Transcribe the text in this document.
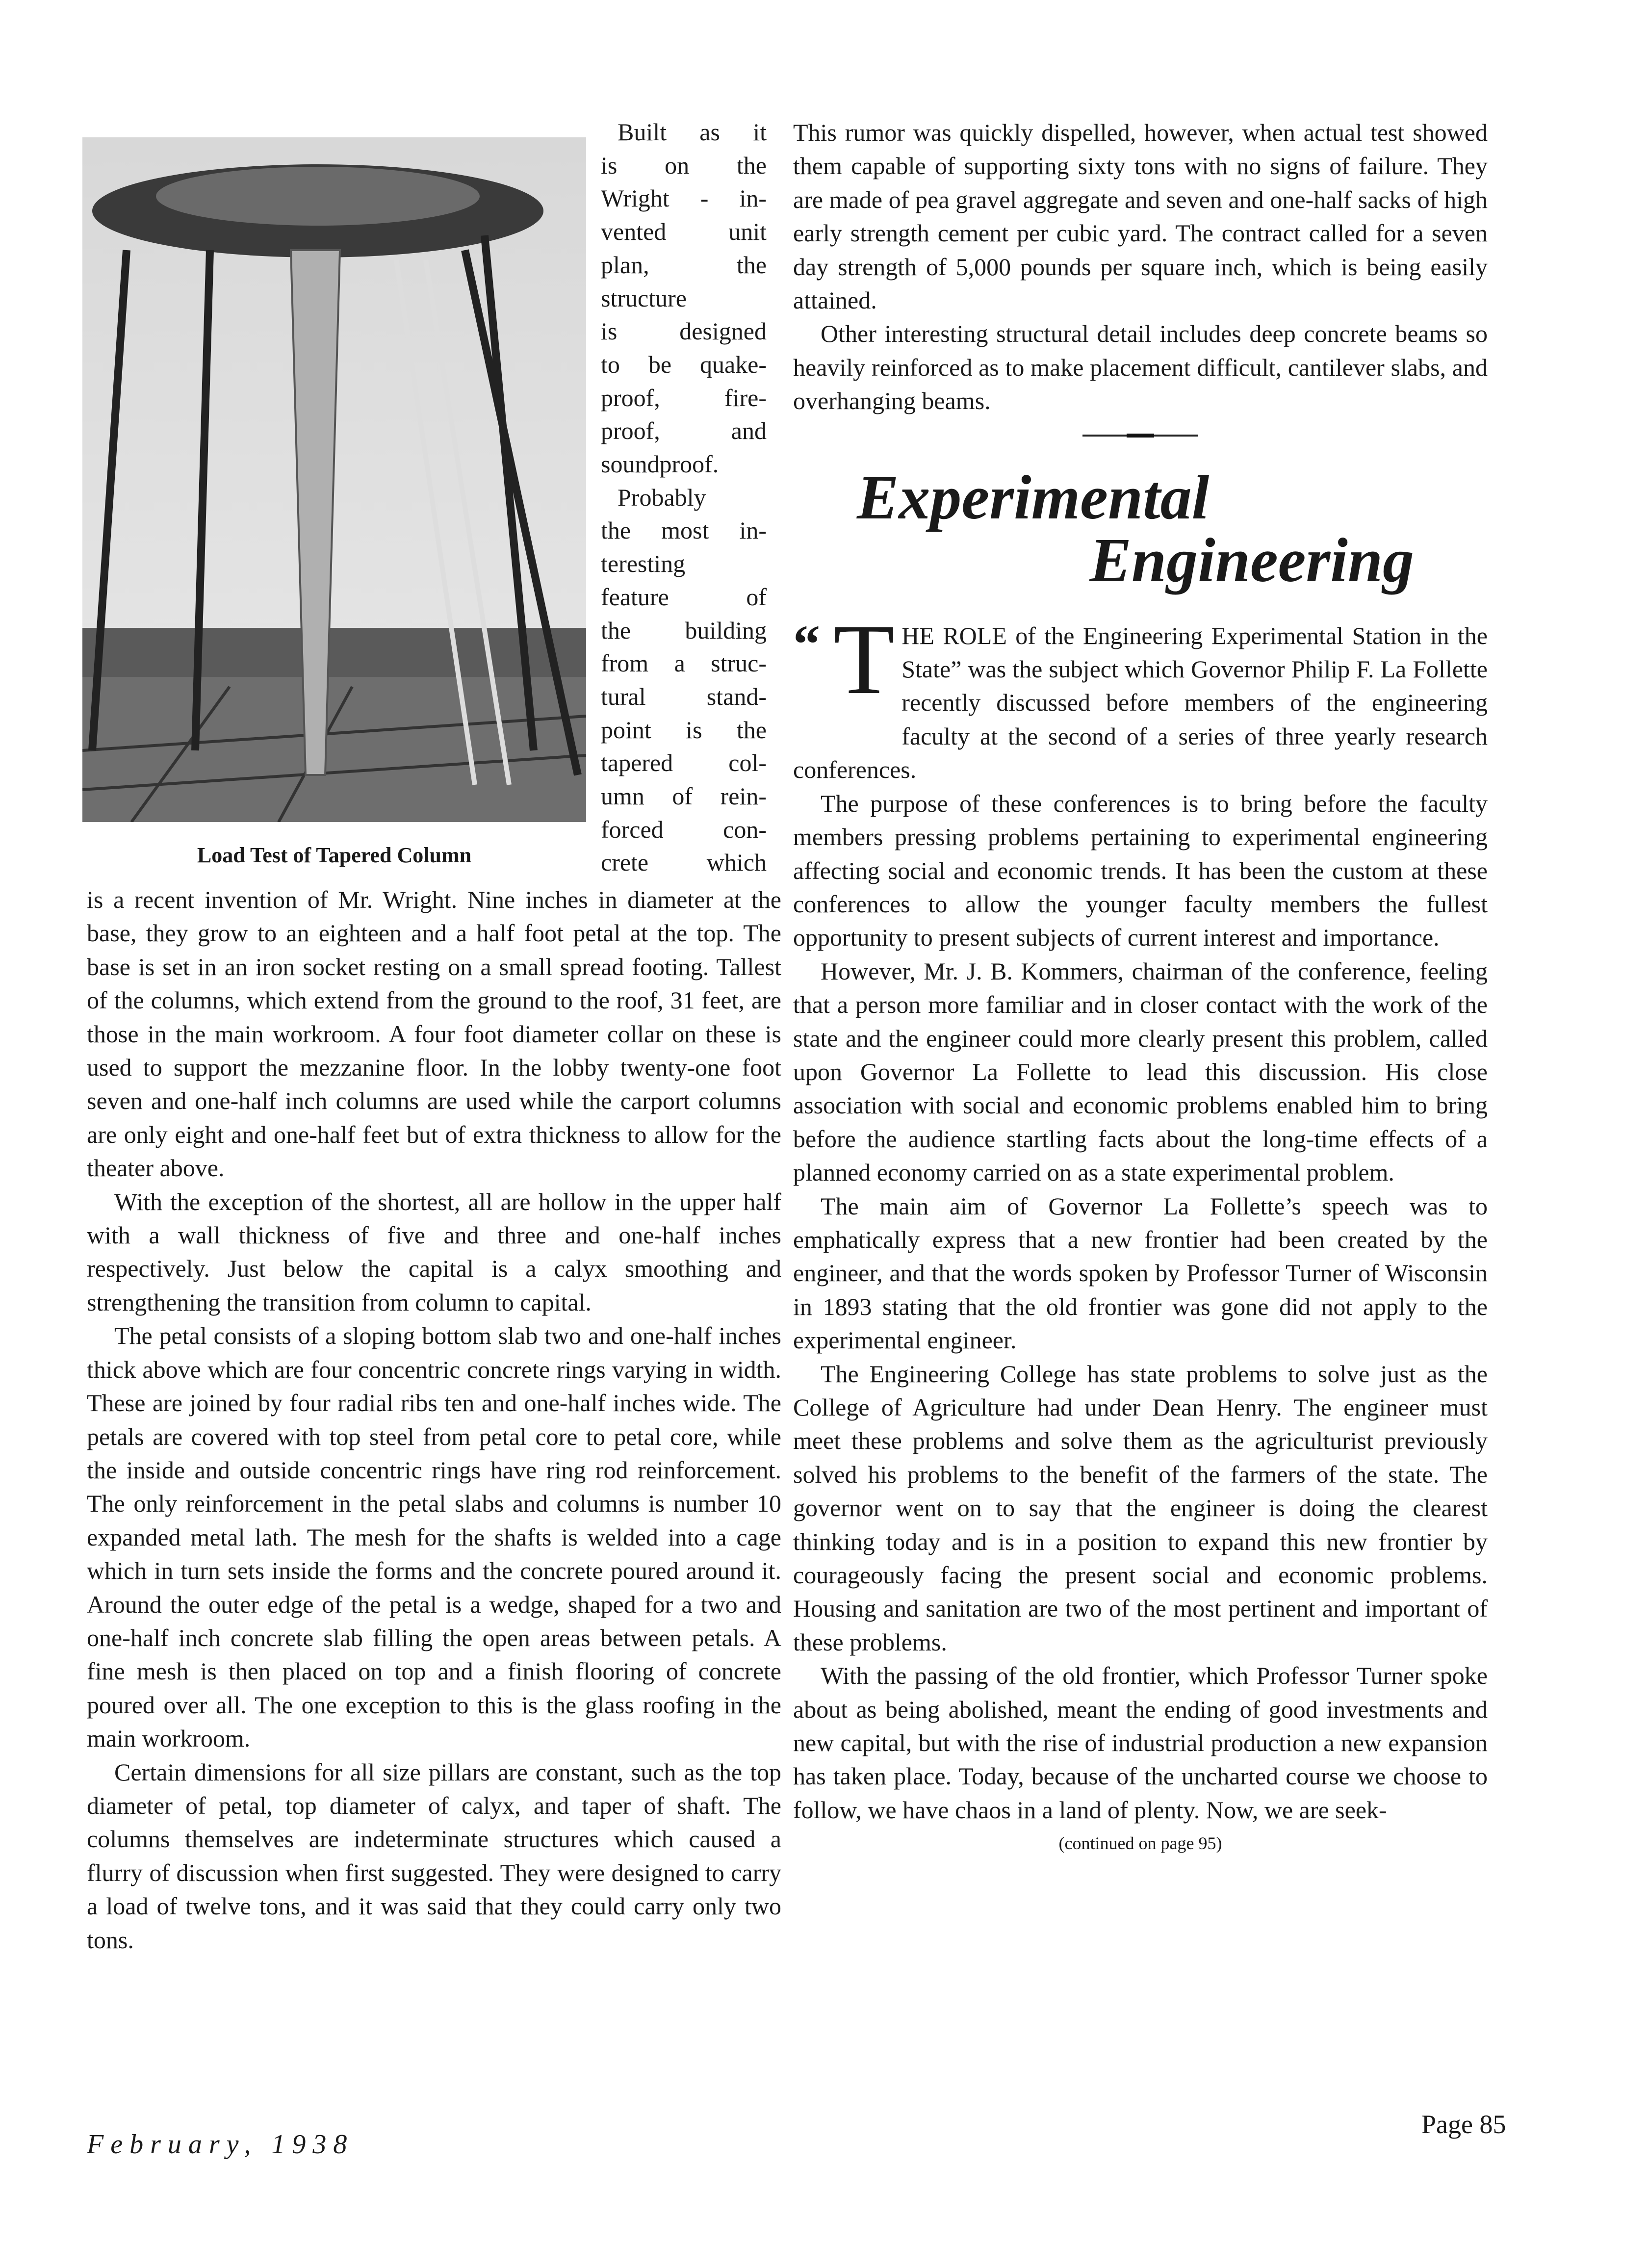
Load Test of Tapered Column
Built as it
is on the
Wright - in-
vented unit
plan, the
structure
is designed
to be quake-
proof, fire-
proof, and
soundproof.
Probably
the most in-
teresting
feature of
the building
from a struc-
tural stand-
point is the
tapered col-
umn of rein-
forced con-
crete which

is a recent invention of Mr. Wright. Nine inches in diameter at the base, they grow to an eighteen and a half foot petal at the top. The base is set in an iron socket resting on a small spread footing. Tallest of the columns, which extend from the ground to the roof, 31 feet, are those in the main workroom. A four foot diameter collar on these is used to support the mezzanine floor. In the lobby twenty-one foot seven and one-half inch columns are used while the carport columns are only eight and one-half feet but of extra thickness to allow for the theater above.

With the exception of the shortest, all are hollow in the upper half with a wall thickness of five and three and one-half inches respectively. Just below the capital is a calyx smoothing and strengthening the transition from column to capital.

The petal consists of a sloping bottom slab two and one-half inches thick above which are four concentric concrete rings varying in width. These are joined by four radial ribs ten and one-half inches wide. The petals are covered with top steel from petal core to petal core, while the inside and outside concentric rings have ring rod reinforcement. The only reinforcement in the petal slabs and columns is number 10 expanded metal lath. The mesh for the shafts is welded into a cage which in turn sets inside the forms and the concrete poured around it. Around the outer edge of the petal is a wedge, shaped for a two and one-half inch concrete slab filling the open areas between petals. A fine mesh is then placed on top and a finish flooring of concrete poured over all. The one exception to this is the glass roofing in the main workroom.

Certain dimensions for all size pillars are constant, such as the top diameter of petal, top diameter of calyx, and taper of shaft. The columns themselves are indeterminate structures which caused a flurry of discussion when first suggested. They were designed to carry a load of twelve tons, and it was said that they could carry only two tons.

This rumor was quickly dispelled, however, when actual test showed them capable of supporting sixty tons with no signs of failure. They are made of pea gravel aggregate and seven and one-half sacks of high early strength cement per cubic yard. The contract called for a seven day strength of 5,000 pounds per square inch, which is being easily attained.

Other interesting structural detail includes deep concrete beams so heavily reinforced as to make placement difficult, cantilever slabs, and overhanging beams.

Experimental
Engineering
“ T HE ROLE of the Engineering Experimental Station in the State” was the subject which Governor Philip F. La Follette recently discussed before members of the engineering faculty at the second of a series of three yearly research conferences.

The purpose of these conferences is to bring before the faculty members pressing problems pertaining to experimental engineering affecting social and economic trends. It has been the custom at these conferences to allow the younger faculty members the fullest opportunity to present subjects of current interest and importance.

However, Mr. J. B. Kommers, chairman of the conference, feeling that a person more familiar and in closer contact with the work of the state and the engineer could more clearly present this problem, called upon Governor La Follette to lead this discussion. His close association with social and economic problems enabled him to bring before the audience startling facts about the long-time effects of a planned economy carried on as a state experimental problem.

The main aim of Governor La Follette’s speech was to emphatically express that a new frontier had been created by the engineer, and that the words spoken by Professor Turner of Wisconsin in 1893 stating that the old frontier was gone did not apply to the experimental engineer.

The Engineering College has state problems to solve just as the College of Agriculture had under Dean Henry. The engineer must meet these problems and solve them as the agriculturist previously solved his problems to the benefit of the farmers of the state. The governor went on to say that the engineer is doing the clearest thinking today and is in a position to expand this new frontier by courageously facing the present social and economic problems. Housing and sanitation are two of the most pertinent and important of these problems.

With the passing of the old frontier, which Professor Turner spoke about as being abolished, meant the ending of good investments and new capital, but with the rise of industrial production a new expansion has taken place. Today, because of the uncharted course we choose to follow, we have chaos in a land of plenty. Now, we are seek-

(continued on page 95)
February, 1938
Page 85
